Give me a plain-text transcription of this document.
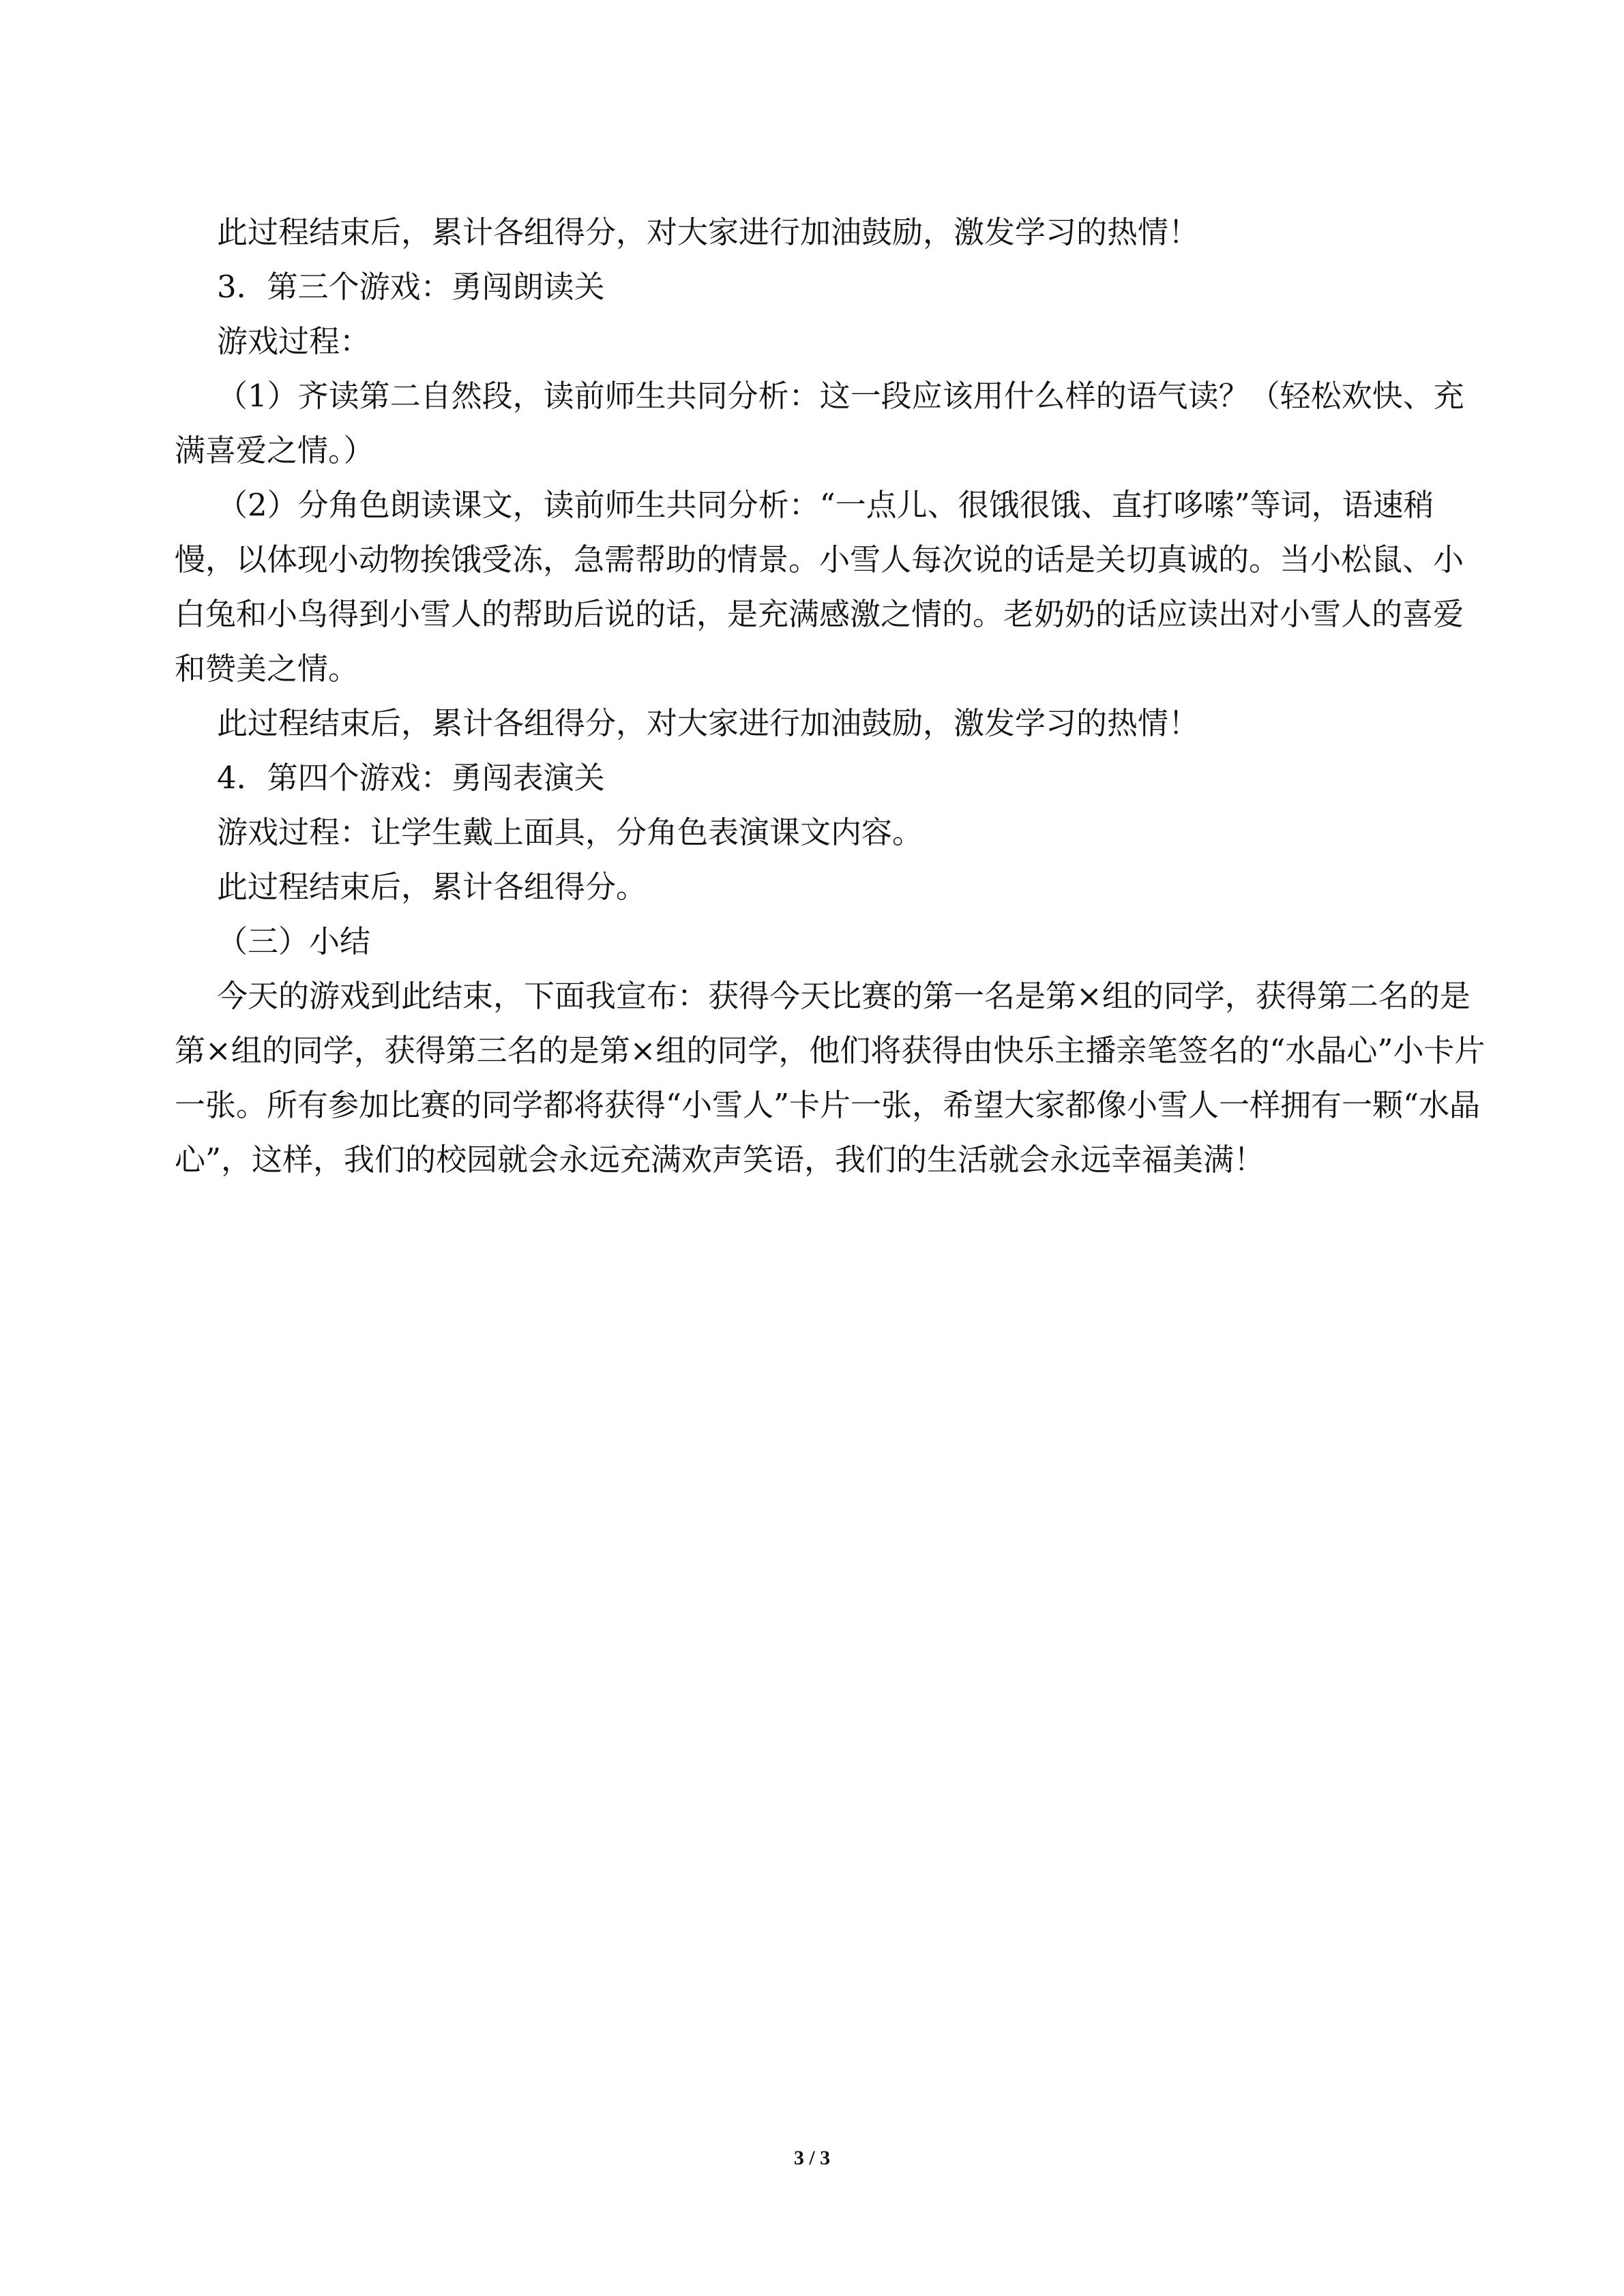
此过程结束后，累计各组得分，对大家进行加油鼓励，激发学习的热情！

3．第三个游戏：勇闯朗读关

游戏过程：

（1）齐读第二自然段，读前师生共同分析：这一段应该用什么样的语气读？（轻松欢快、充满喜爱之情。）

（2）分角色朗读课文，读前师生共同分析：“一点儿、很饿很饿、直打哆嗦”等词，语速稍慢，以体现小动物挨饿受冻，急需帮助的情景。小雪人每次说的话是关切真诚的。当小松鼠、小白兔和小鸟得到小雪人的帮助后说的话，是充满感激之情的。老奶奶的话应读出对小雪人的喜爱和赞美之情。

此过程结束后，累计各组得分，对大家进行加油鼓励，激发学习的热情！

4．第四个游戏：勇闯表演关

游戏过程：让学生戴上面具，分角色表演课文内容。

此过程结束后，累计各组得分。

（三）小结

今天的游戏到此结束，下面我宣布：获得今天比赛的第一名是第×组的同学，获得第二名的是第×组的同学，获得第三名的是第×组的同学，他们将获得由快乐主播亲笔签名的“水晶心”小卡片一张。所有参加比赛的同学都将获得“小雪人”卡片一张，希望大家都像小雪人一样拥有一颗“水晶心”，这样，我们的校园就会永远充满欢声笑语，我们的生活就会永远幸福美满！

3 / 3
